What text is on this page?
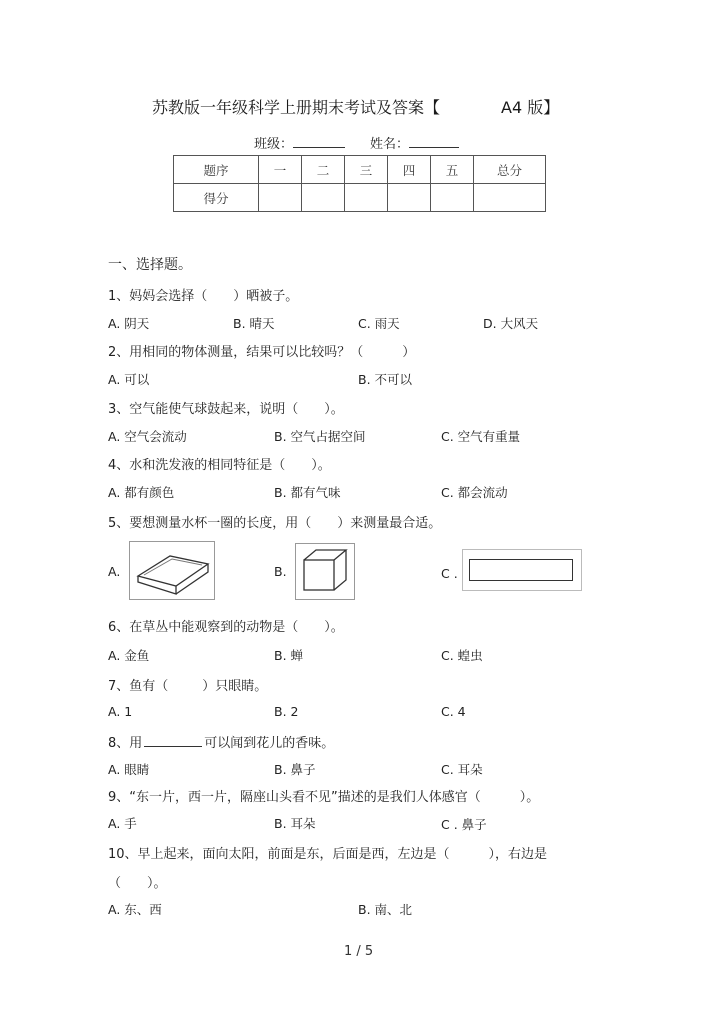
苏教版一年级科学上册期末考试及答案【	A4 版】
班级：	姓名：
题序	一	二	三	四	五	总分
得分						
一、选择题。
1、妈妈会选择（　　）晒被子。
A. 阴天	B. 晴天	C. 雨天	D. 大风天
2、用相同的物体测量，结果可以比较吗？（　　　）
A. 可以	B. 不可以
3、空气能使气球鼓起来，说明（　　）。
A. 空气会流动	B. 空气占据空间	C. 空气有重量
4、水和洗发液的相同特征是（　　）。
A. 都有颜色	B. 都有气味	C. 都会流动
5、要想测量水杯一圈的长度，用（　　）来测量最合适。
A.	B.	C .
6、在草丛中能观察到的动物是（　　）。
A. 金鱼	B. 蝉	C. 蝗虫
7、鱼有（	）只眼睛。
A. 1	B. 2	C. 4
8、用	可以闻到花儿的香味。
A. 眼睛	B. 鼻子	C. 耳朵
9、“东一片，西一片，隔座山头看不见”描述的是我们人体感官（　　　）。
A. 手	B. 耳朵	C . 鼻子
10、早上起来，面向太阳，前面是东，后面是西，左边是（　　　），右边是
（　　）。
A. 东、西	B. 南、北
1 / 5
